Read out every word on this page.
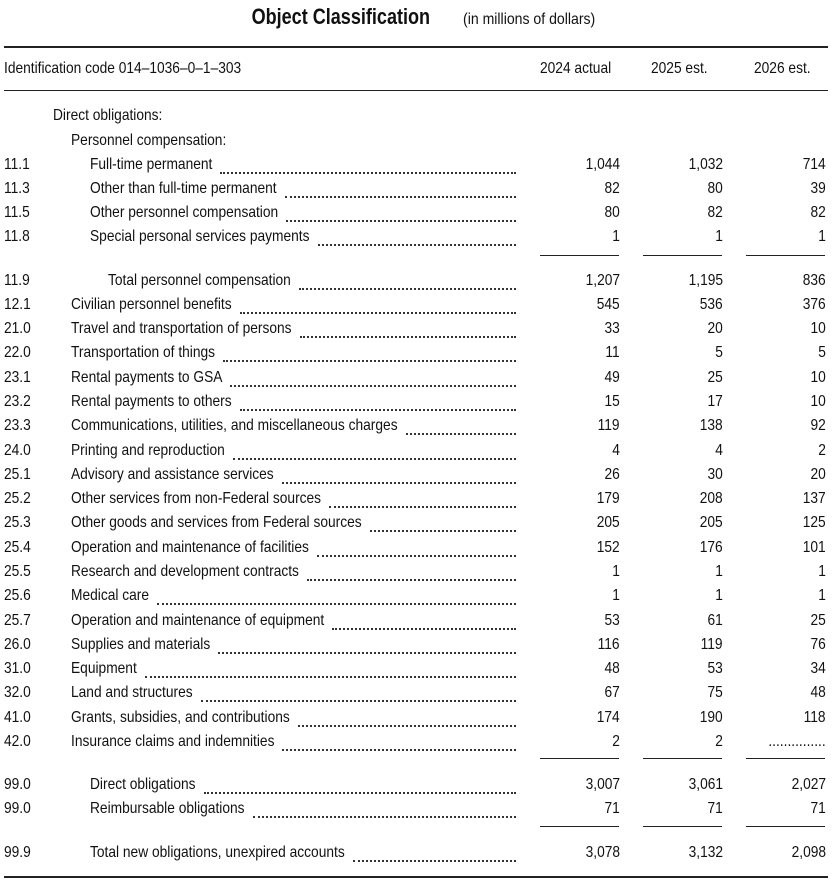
Object Classification (in millions of dollars)
Identification code 014–1036–0–1–303	2024 actual 2025 est.	2026 est.
Direct obligations:
Personnel compensation:
11.1	Full-time permanent	1,044	1,032	714
11.3	Other than full-time permanent	82	80	39
11.5	Other personnel compensation	80	82	82
11.8	Special personal services payments	1	1	1
11.9	Total personnel compensation	1,207	1,195	836
12.1	Civilian personnel benefits	545	536	376
21.0	Travel and transportation of persons	33	20	10
22.0	Transportation of things	11	5	5
23.1	Rental payments to GSA	49	25	10
23.2	Rental payments to others	15	17	10
23.3	Communications, utilities, and miscellaneous charges	119	138	92
24.0	Printing and reproduction	4	4	2
25.1	Advisory and assistance services	26	30	20
25.2	Other services from non-Federal sources	179	208	137
25.3	Other goods and services from Federal sources	205	205	125
25.4	Operation and maintenance of facilities	152	176	101
25.5	Research and development contracts	1	1	1
25.6	Medical care	1	1	1
25.7	Operation and maintenance of equipment	53	61	25
26.0	Supplies and materials	116	119	76
31.0	Equipment	48	53	34
32.0	Land and structures	67	75	48
41.0	Grants, subsidies, and contributions	174	190	118
42.0	Insurance claims and indemnities	2	2	...............
99.0	Direct obligations	3,007	3,061	2,027
99.0	Reimbursable obligations	71	71	71
99.9	Total new obligations, unexpired accounts	3,078	3,132	2,098
